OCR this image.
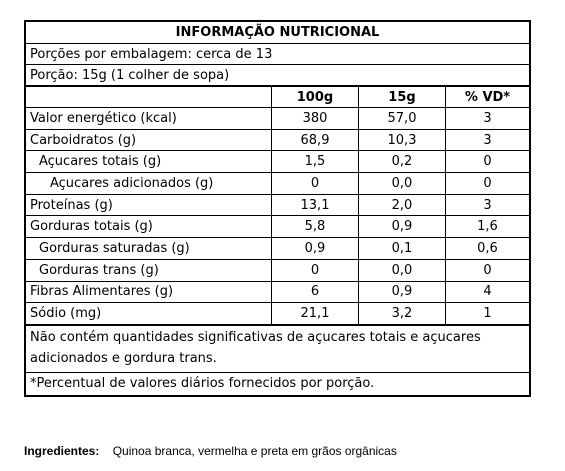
INFORMAÇÃO NUTRICIONAL
Porções por embalagem: cerca de 13
Porção: 15g (1 colher de sopa)
100g	15g	% VD*
Valor energético (kcal)	380	57,0	3
Carboidratos (g)	68,9	10,3	3
Açucares totais (g)	1,5	0,2	0
Açucares adicionados (g)	0	0,0	0
Proteínas (g)	13,1	2,0	3
Gorduras totais (g)	5,8	0,9	1,6
Gorduras saturadas (g)	0,9	0,1	0,6
Gorduras trans (g)	0	0,0	0
Fibras Alimentares (g)	6	0,9	4
Sódio (mg)	21,1	3,2	1
Não contém quantidades significativas de açucares totais e açucares adicionados e gordura trans.
*Percentual de valores diários fornecidos por porção.
Ingredientes: Quinoa branca, vermelha e preta em grãos orgânicas
